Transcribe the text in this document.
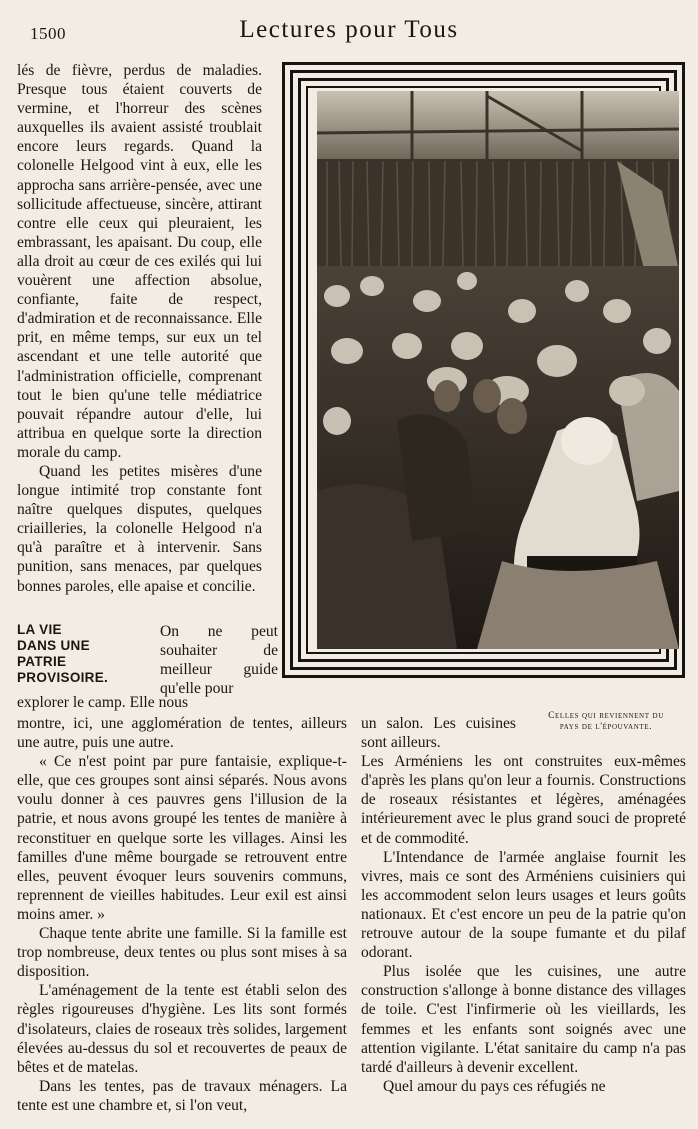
1500	Lectures pour Tous

lés de fièvre, perdus de maladies. Presque tous étaient couverts de vermine, et l'horreur des scènes auxquelles ils avaient assisté troublait encore leurs regards. Quand la colonelle Helgood vint à eux, elle les approcha sans arrière-pensée, avec une sollicitude affectueuse, sincère, attirant contre elle ceux qui pleuraient, les embrassant, les apaisant. Du coup, elle alla droit au cœur de ces exilés qui lui vouèrent une affection absolue, confiante, faite de respect, d'admiration et de reconnaissance. Elle prit, en même temps, sur eux un tel ascendant et une telle autorité que l'administration officielle, comprenant tout le bien qu'une telle médiatrice pouvait répandre autour d'elle, lui attribua en quelque sorte la direction morale du camp.

Quand les petites misères d'une longue intimité trop constante font naître quelques disputes, quelques criailleries, la colonelle Helgood n'a qu'à paraître et à intervenir. Sans punition, sans menaces, par quelques bonnes paroles, elle apaise et concilie.

LA VIE
DANS UNE
PATRIE
PROVISOIRE.
On ne peut souhaiter de meilleur guide qu'elle pour
explorer le camp. Elle nous
Celles qui reviennent du
pays de l'épouvante.

montre, ici, une agglomération de tentes, ailleurs une autre, puis une autre.

« Ce n'est point par pure fantaisie, explique-t-elle, que ces groupes sont ainsi séparés. Nous avons voulu donner à ces pauvres gens l'illusion de la patrie, et nous avons groupé les tentes de manière à reconstituer en quelque sorte les villages. Ainsi les familles d'une même bourgade se retrouvent entre elles, peuvent évoquer leurs souvenirs communs, reprennent de vieilles habitudes. Leur exil est ainsi moins amer. »

Chaque tente abrite une famille. Si la famille est trop nombreuse, deux tentes ou plus sont mises à sa disposition.

L'aménagement de la tente est établi selon des règles rigoureuses d'hygiène. Les lits sont formés d'isolateurs, claies de roseaux très solides, largement élevées au-dessus du sol et recouvertes de peaux de bêtes et de matelas.

Dans les tentes, pas de travaux ménagers. La tente est une chambre et, si l'on veut,

un salon. Les cuisines sont ailleurs.

Les Arméniens les ont construites eux-mêmes d'après les plans qu'on leur a fournis. Constructions de roseaux résistantes et légères, aménagées intérieurement avec le plus grand souci de propreté et de commodité.

L'Intendance de l'armée anglaise fournit les vivres, mais ce sont des Arméniens cuisiniers qui les accommodent selon leurs usages et leurs goûts nationaux. Et c'est encore un peu de la patrie qu'on retrouve autour de la soupe fumante et du pilaf odorant.

Plus isolée que les cuisines, une autre construction s'allonge à bonne distance des villages de toile. C'est l'infirmerie où les vieillards, les femmes et les enfants sont soignés avec une attention vigilante. L'état sanitaire du camp n'a pas tardé d'ailleurs à devenir excellent.

Quel amour du pays ces réfugiés ne
